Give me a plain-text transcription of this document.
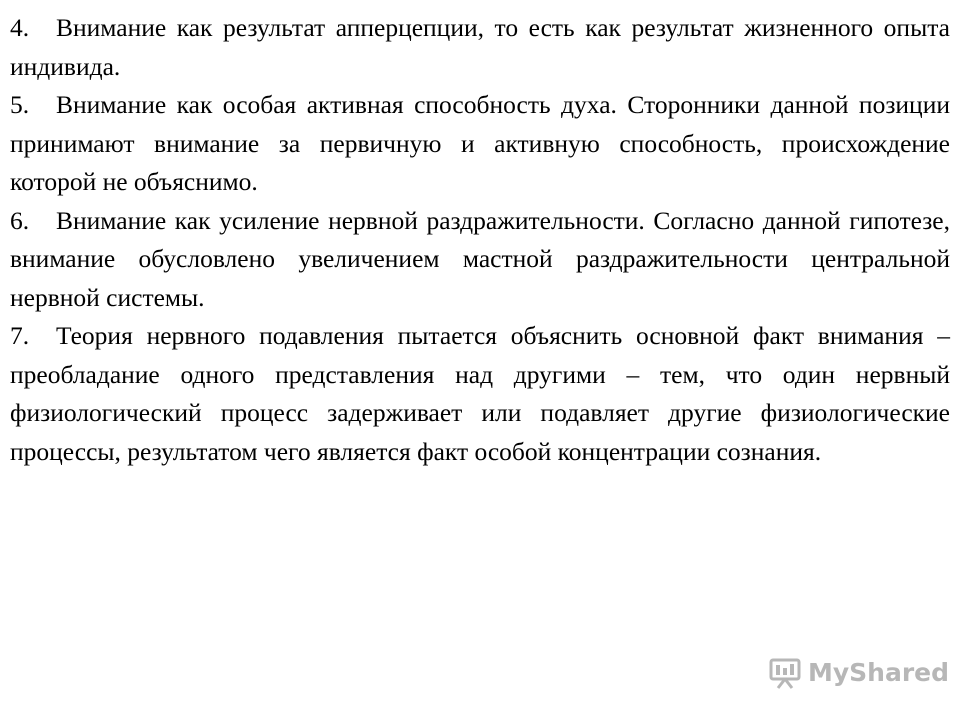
4. Внимание как результат апперцепции, то есть как результат жизненного опыта индивида.
5. Внимание как особая активная способность духа. Сторонники данной позиции принимают внимание за первичную и активную способность, происхождение которой не объяснимо.
6. Внимание как усиление нервной раздражительности. Согласно данной гипотезе, внимание обусловлено увеличением мастной раздражительности центральной нервной системы.
7. Теория нервного подавления пытается объяснить основной факт внимания – преобладание одного представления над другими – тем, что один нервный физиологический процесс задерживает или подавляет другие физиологические процессы, результатом чего является факт особой концентрации сознания.
MyShared
